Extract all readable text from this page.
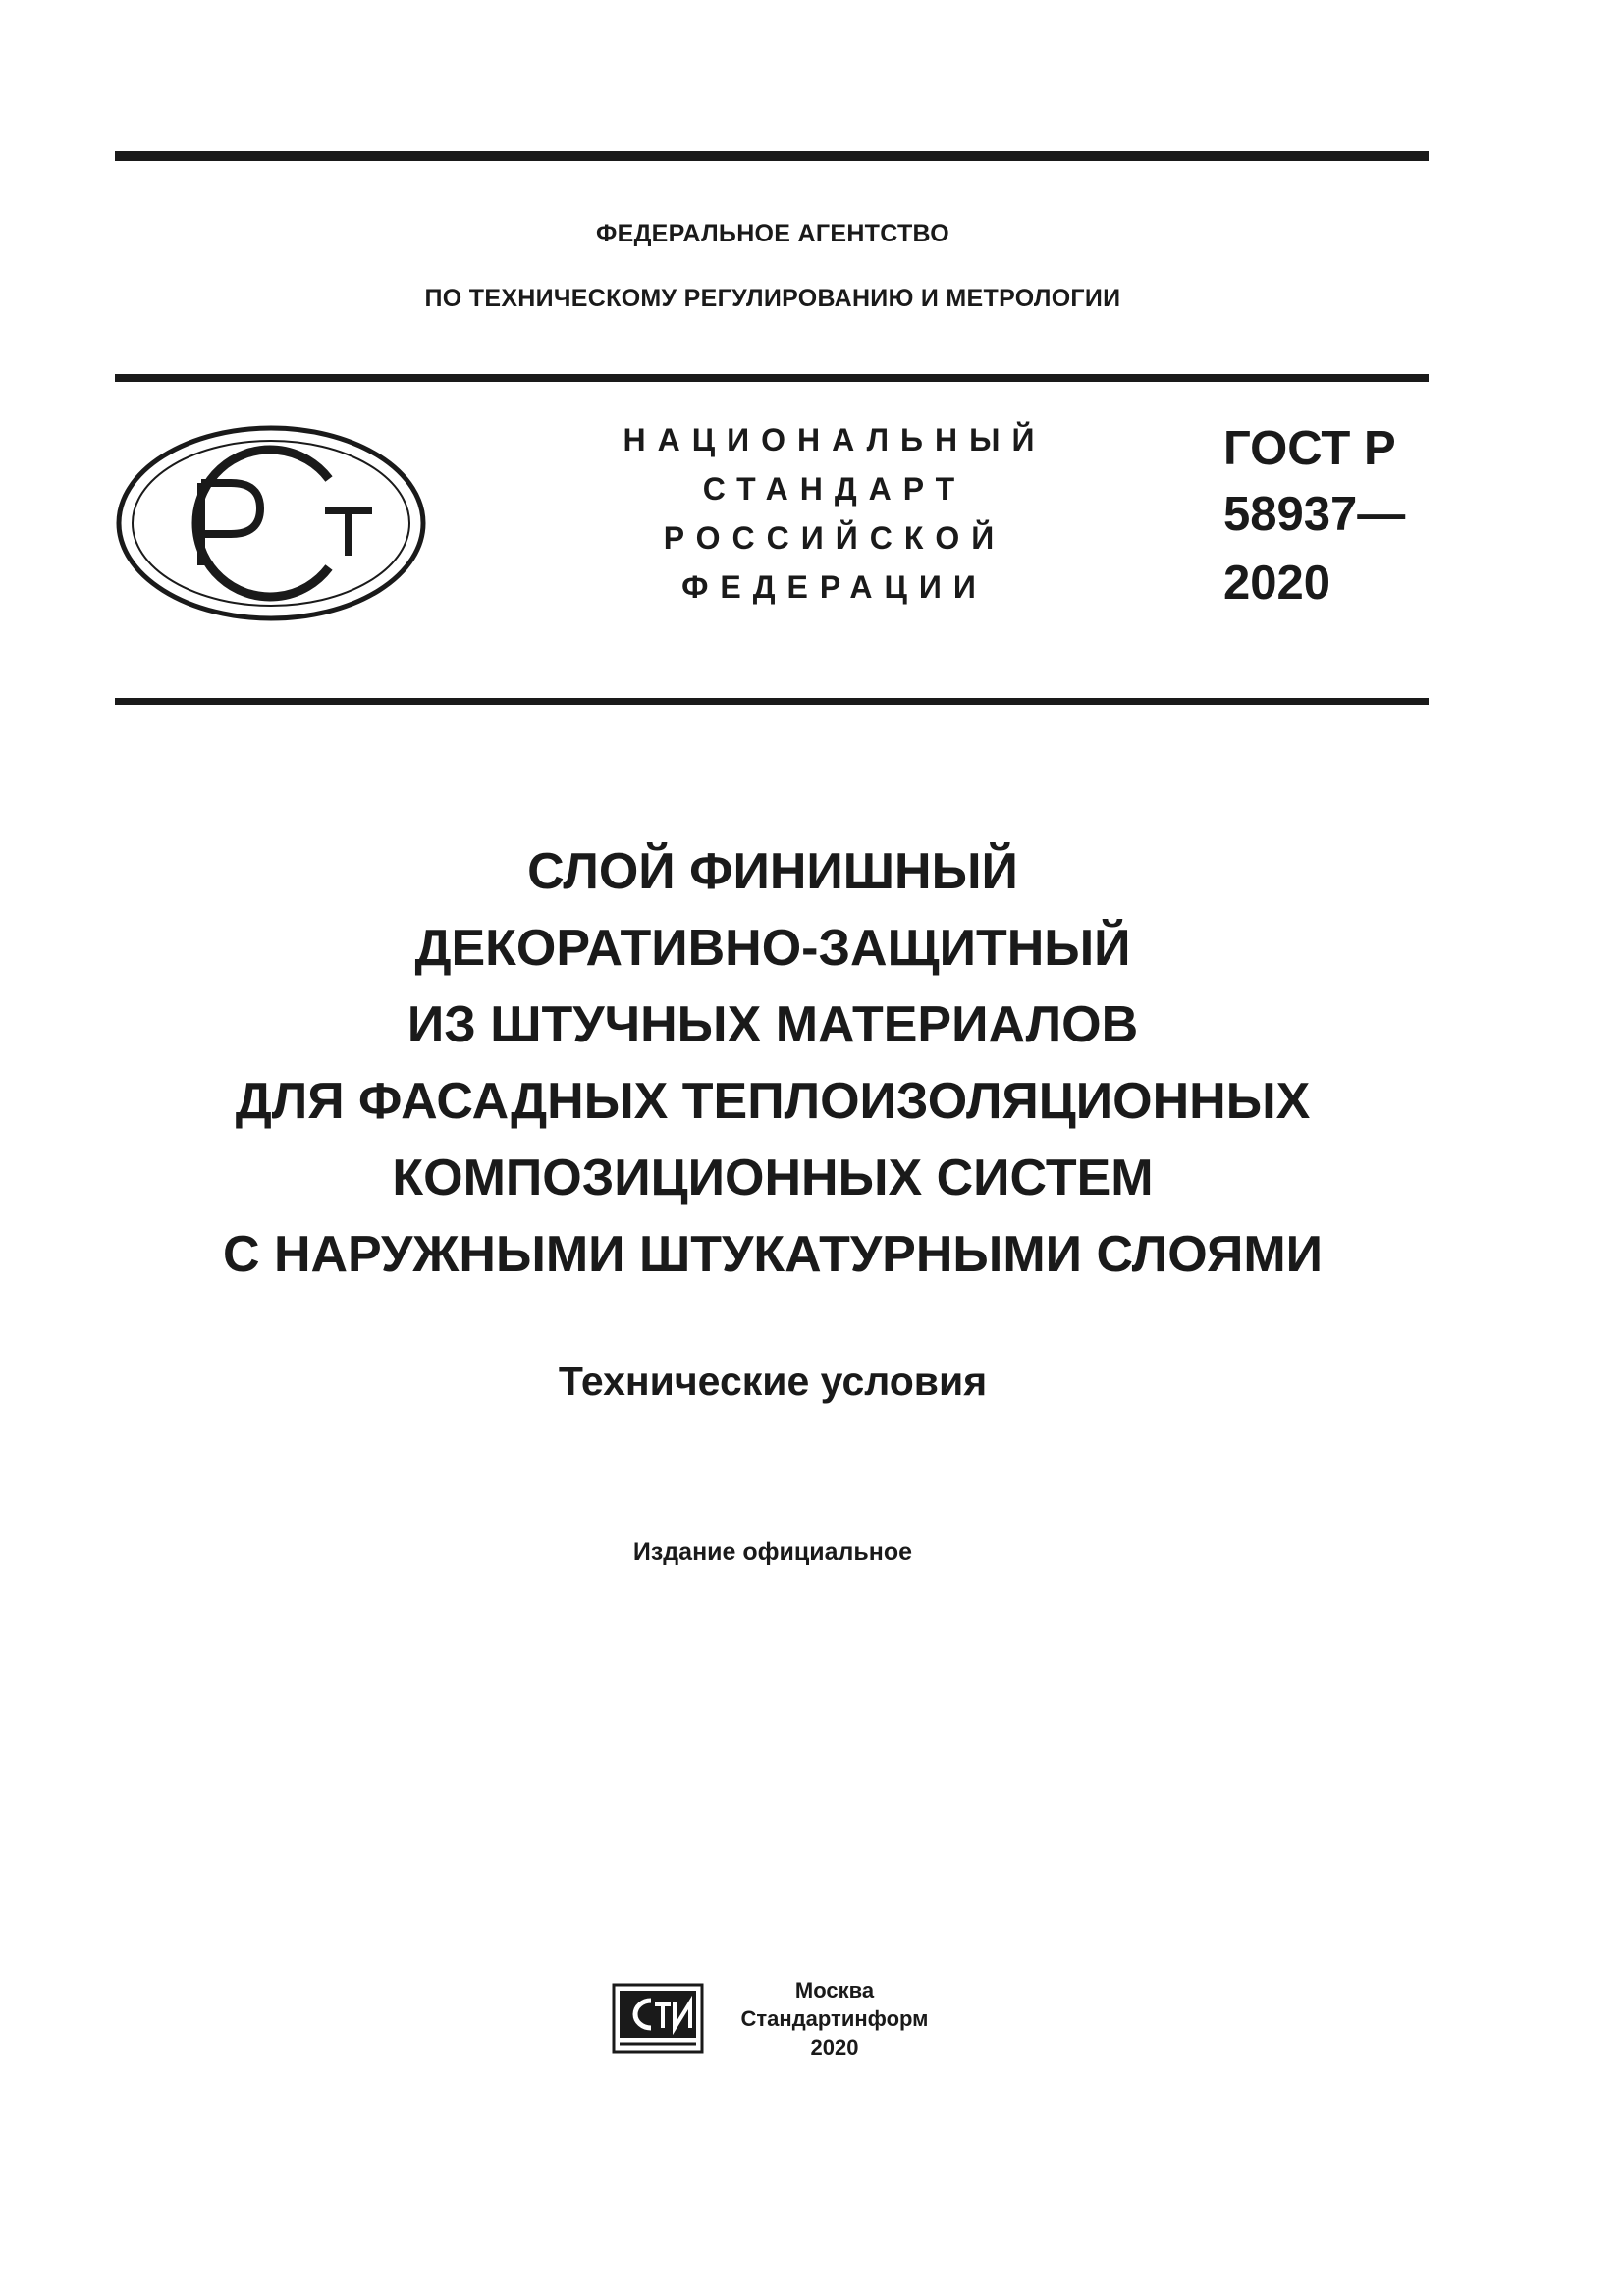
ФЕДЕРАЛЬНОЕ АГЕНТСТВО
ПО ТЕХНИЧЕСКОМУ РЕГУЛИРОВАНИЮ И МЕТРОЛОГИИ
НАЦИОНАЛЬНЫЙ
СТАНДАРТ
РОССИЙСКОЙ
ФЕДЕРАЦИИ
ГОСТ Р
58937—
2020
СЛОЙ ФИНИШНЫЙ
ДЕКОРАТИВНО-ЗАЩИТНЫЙ
ИЗ ШТУЧНЫХ МАТЕРИАЛОВ
ДЛЯ ФАСАДНЫХ ТЕПЛОИЗОЛЯЦИОННЫХ
КОМПОЗИЦИОННЫХ СИСТЕМ
С НАРУЖНЫМИ ШТУКАТУРНЫМИ СЛОЯМИ
Технические условия
Издание официальное
Москва
Стандартинформ
2020
